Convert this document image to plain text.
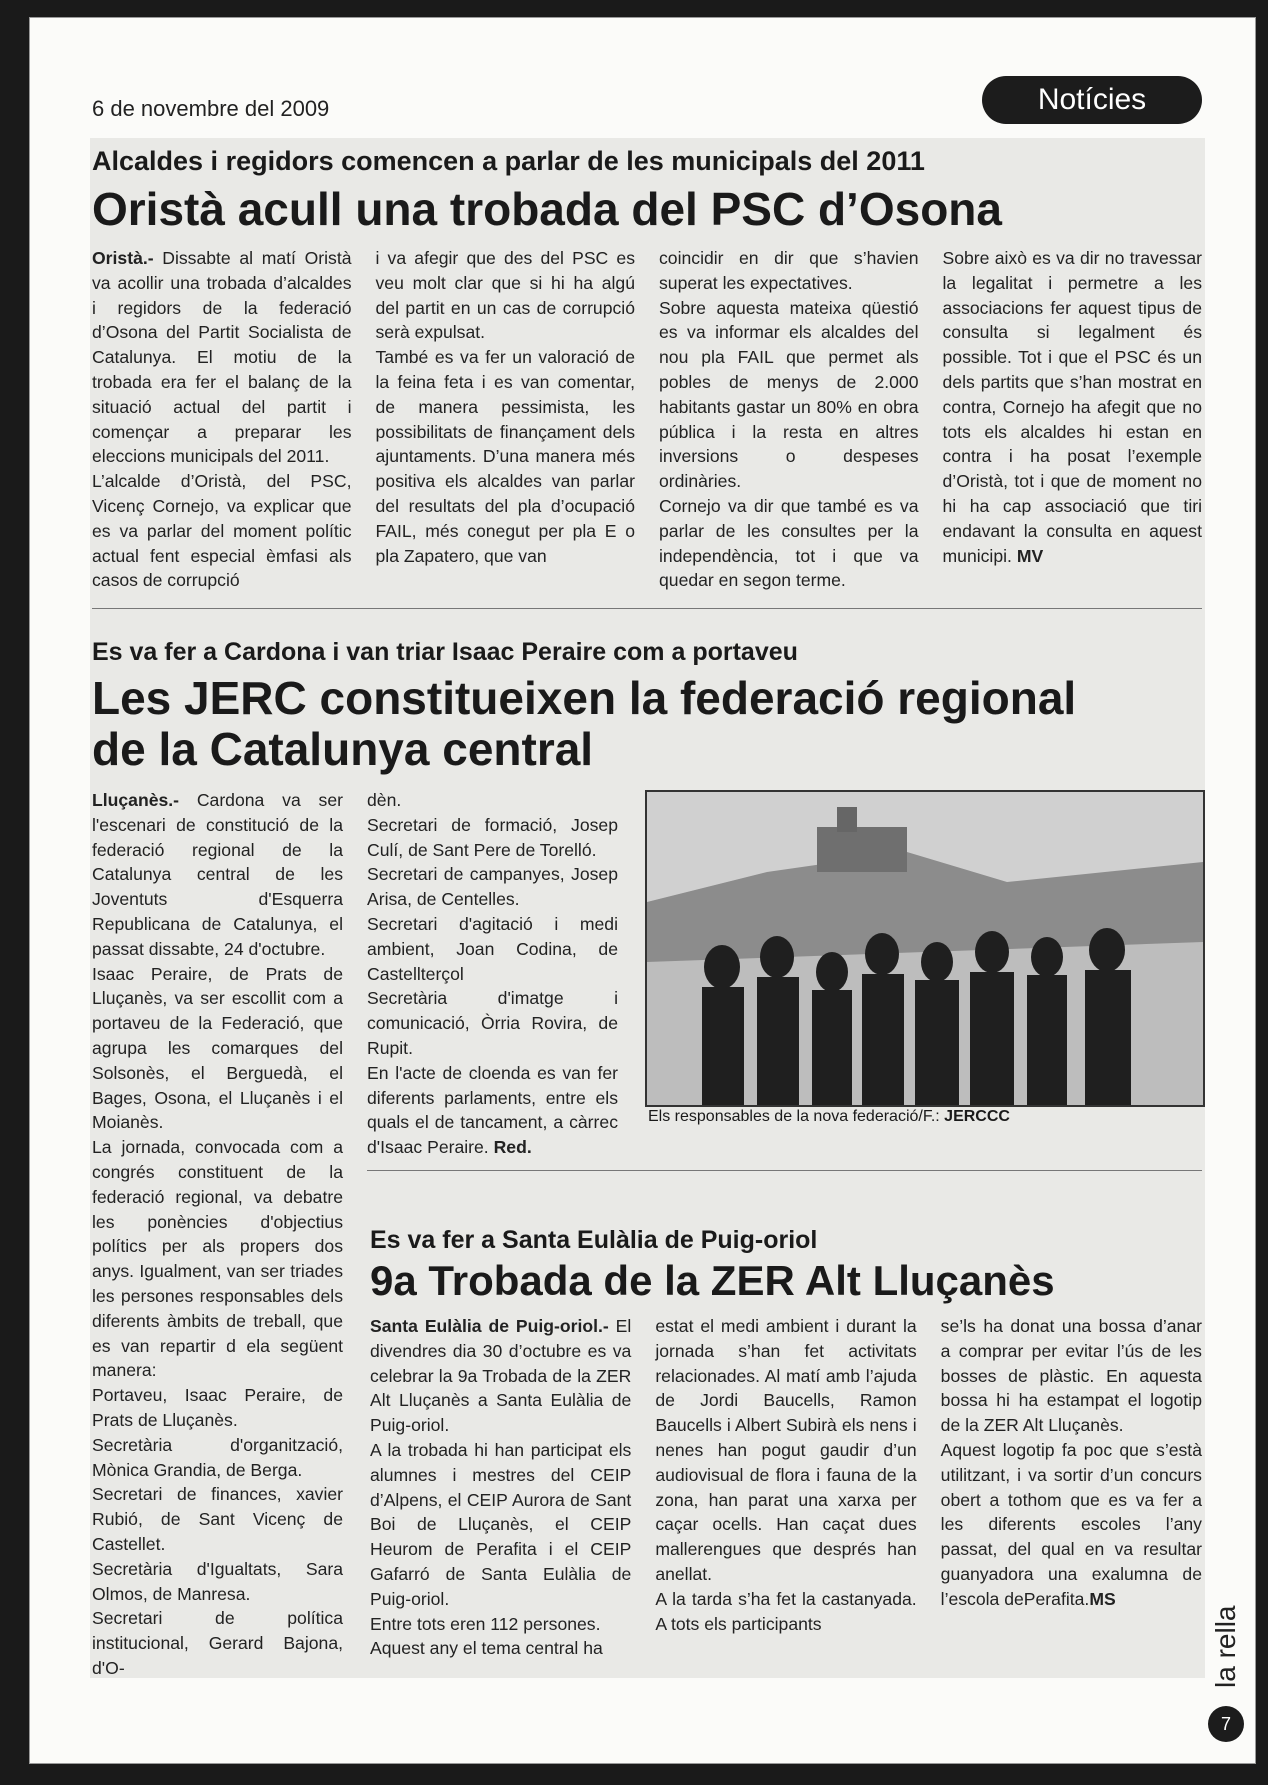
6 de novembre del 2009	Notícies
Alcaldes i regidors comencen a parlar de les municipals del 2011
Oristà acull una trobada del PSC d’Osona
Oristà.- Dissabte al matí Oristà va acollir una trobada d’alcaldes i regidors de la federació d’Osona del Partit Socialista de Catalunya. El motiu de la trobada era fer el balanç de la situació actual del partit i començar a preparar les eleccions municipals del 2011.
L’alcalde d’Oristà, del PSC, Vicenç Cornejo, va explicar que es va parlar del moment polític actual fent especial èmfasi als casos de corrupció
i va afegir que des del PSC es veu molt clar que si hi ha algú del partit en un cas de corrupció serà expulsat.
També es va fer un valoració de la feina feta i es van comentar, de manera pessimista, les possibilitats de finançament dels ajuntaments. D’una manera més positiva els alcaldes van parlar del resultats del pla d’ocupació FAIL, més conegut per pla E o pla Zapatero, que van
coincidir en dir que s’havien superat les expectatives.
Sobre aquesta mateixa qüestió es va informar els alcaldes del nou pla FAIL que permet als pobles de menys de 2.000 habitants gastar un 80% en obra pública i la resta en altres inversions o despeses ordinàries.
Cornejo va dir que també es va parlar de les consultes per la independència, tot i que va quedar en segon terme.
Sobre això es va dir no travessar la legalitat i permetre a les associacions fer aquest tipus de consulta si legalment és possible. Tot i que el PSC és un dels partits que s’han mostrat en contra, Cornejo ha afegit que no tots els alcaldes hi estan en contra i ha posat l’exemple d’Oristà, tot i que de moment no hi ha cap associació que tiri endavant la consulta en aquest municipi. MV
Es va fer a Cardona i van triar Isaac Peraire com a portaveu
Les JERC constitueixen la federació regional
de la Catalunya central
Lluçanès.- Cardona va ser l'escenari de constitució de la federació regional de la Catalunya central de les Joventuts d'Esquerra Republicana de Catalunya, el passat dissabte, 24 d'octubre.
Isaac Peraire, de Prats de Lluçanès, va ser escollit com a portaveu de la Federació, que agrupa les comarques del Solsonès, el Berguedà, el Bages, Osona, el Lluçanès i el Moianès.
La jornada, convocada com a congrés constituent de la federació regional, va debatre les ponències d'objectius polítics per als propers dos anys. Igualment, van ser triades les persones responsables dels diferents àmbits de treball, que es van repartir d ela següent manera:
Portaveu, Isaac Peraire, de Prats de Lluçanès.
Secretària d'organització, Mònica Grandia, de Berga.
Secretari de finances, xavier Rubió, de Sant Vicenç de Castellet.
Secretària d'Igualtats, Sara Olmos, de Manresa.
Secretari de política institucional, Gerard Bajona, d'O-
dèn.
Secretari de formació, Josep Culí, de Sant Pere de Torelló.
Secretari de campanyes, Josep Arisa, de Centelles.
Secretari d'agitació i medi ambient, Joan Codina, de Castellterçol
Secretària d'imatge i comunicació, Òrria Rovira, de Rupit.
En l'acte de cloenda es van fer diferents parlaments, entre els quals el de tancament, a càrrec d'Isaac Peraire. Red.
Els responsables de la nova federació/F.: JERCCC
Es va fer a Santa Eulàlia de Puig-oriol
9a Trobada de la ZER Alt Lluçanès
Santa Eulàlia de Puig-oriol.- El divendres dia 30 d’octubre es va celebrar la 9a Trobada de la ZER Alt Lluçanès a Santa Eulàlia de Puig-oriol.
A la trobada hi han participat els alumnes i mestres del CEIP d’Alpens, el CEIP Aurora de Sant Boi de Lluçanès, el CEIP Heurom de Perafita i el CEIP Gafarró de Santa Eulàlia de Puig-oriol.
Entre tots eren 112 persones.
Aquest any el tema central ha
estat el medi ambient i durant la jornada s’han fet activitats relacionades. Al matí amb l’ajuda de Jordi Baucells, Ramon Baucells i Albert Subirà els nens i nenes han pogut gaudir d’un audiovisual de flora i fauna de la zona, han parat una xarxa per caçar ocells. Han caçat dues mallerengues que després han anellat.
A la tarda s’ha fet la castanyada. A tots els participants
se’ls ha donat una bossa d’anar a comprar per evitar l’ús de les bosses de plàstic. En aquesta bossa hi ha estampat el logotip de la ZER Alt Lluçanès.
Aquest logotip fa poc que s’està utilitzant, i va sortir d’un concurs obert a tothom que es va fer a les diferents escoles l’any passat, del qual en va resultar guanyadora una exalumna de l’escola dePerafita.MS
la rella
7
